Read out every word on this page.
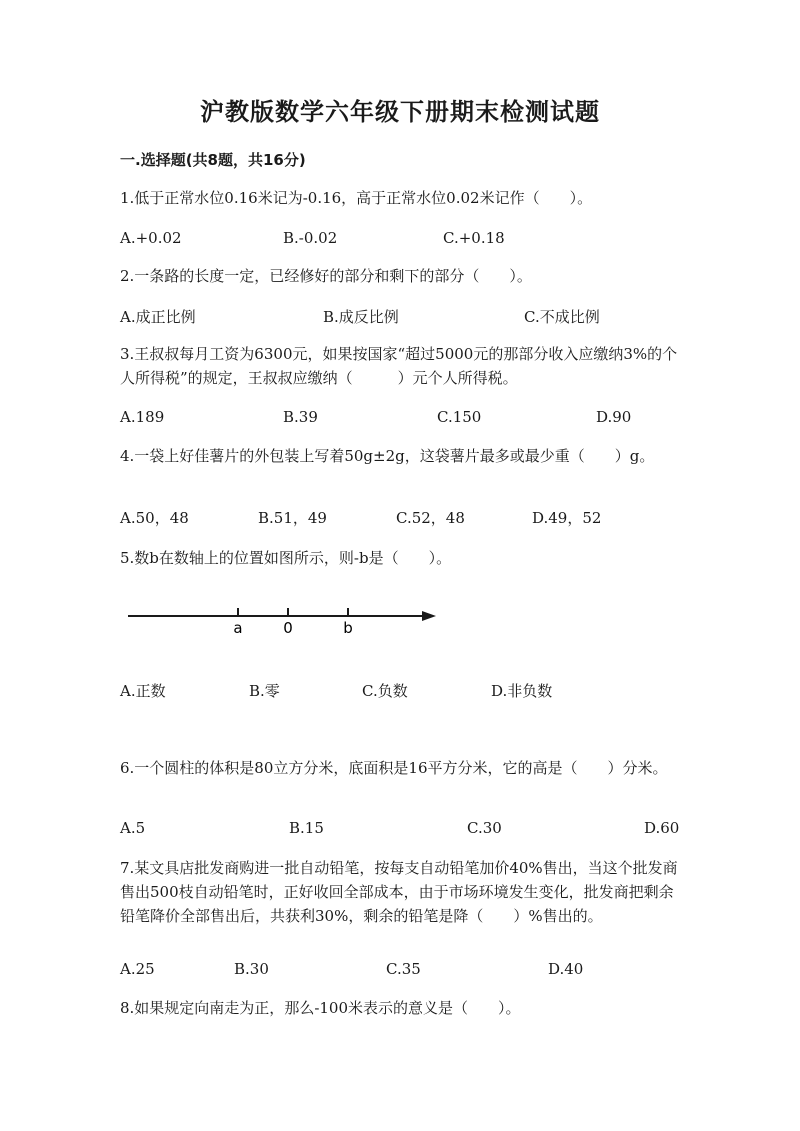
沪教版数学六年级下册期末检测试题
一.选择题(共8题，共16分)
1.低于正常水位0.16米记为-0.16，高于正常水位0.02米记作（　　）。
A.+0.02	B.-0.02	C.+0.18
2.一条路的长度一定，已经修好的部分和剩下的部分（　　）。
A.成正比例	B.成反比例	C.不成比例
3.王叔叔每月工资为6300元，如果按国家“超过5000元的那部分收入应缴纳3%的个人所得税”的规定，王叔叔应缴纳（　　　）元个人所得税。
A.189	B.39	C.150	D.90
4.一袋上好佳薯片的外包装上写着50g±2g，这袋薯片最多或最少重（　　）g。
A.50，48	B.51，49	C.52，48	D.49，52
5.数b在数轴上的位置如图所示，则-b是（　　）。
a	0	b
A.正数	B.零	C.负数	D.非负数
6.一个圆柱的体积是80立方分米，底面积是16平方分米，它的高是（　　）分米。
A.5	B.15	C.30	D.60
7.某文具店批发商购进一批自动铅笔，按每支自动铅笔加价40%售出，当这个批发商售出500枝自动铅笔时，正好收回全部成本，由于市场环境发生变化，批发商把剩余铅笔降价全部售出后，共获利30%，剩余的铅笔是降（　　）%售出的。
A.25	B.30	C.35	D.40
8.如果规定向南走为正，那么-100米表示的意义是（　　）。
